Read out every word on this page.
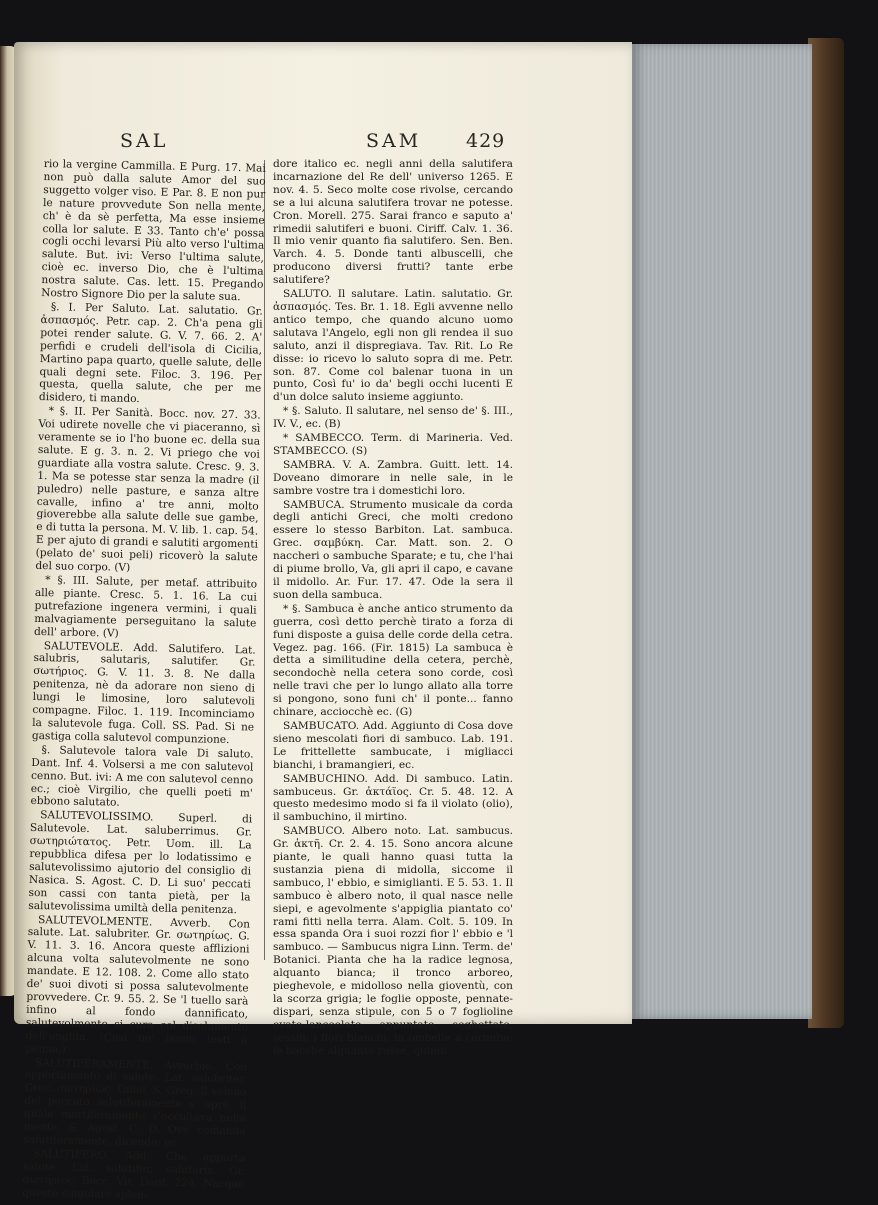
SAL	SAM 429

rio la vergine Cammilla. E Purg. 17. Mai non può dalla salute Amor del suo suggetto volger viso. E Par. 8. E non pur le nature provvedute Son nella mente, ch' è da sè perfetta, Ma esse insieme colla lor salute. E 33. Tanto ch'e' possa cogli occhi levarsi Più alto verso l'ultima salute. But. ivi: Verso l'ultima salute, cioè ec. inverso Dio, che è l'ultima nostra salute. Cas. lett. 15. Pregando Nostro Signore Dio per la salute sua.

§. I. Per Saluto. Lat. salutatio. Gr. ἀσπασμός. Petr. cap. 2. Ch'a pena gli potei render salute. G. V. 7. 66. 2. A' perfidi e crudeli dell'isola di Cicilia, Martino papa quarto, quelle salute, delle quali degni sete. Filoc. 3. 196. Per questa, quella salute, che per me disidero, ti mando.

* §. II. Per Sanità. Bocc. nov. 27. 33. Voi udirete novelle che vi piaceranno, sì veramente se io l'ho buone ec. della sua salute. E g. 3. n. 2. Vi priego che voi guardiate alla vostra salute. Cresc. 9. 3. 1. Ma se potesse star senza la madre (il puledro) nelle pasture, e sanza altre cavalle, infino a' tre anni, molto gioverebbe alla salute delle sue gambe, e di tutta la persona. M. V. lib. 1. cap. 54. E per ajuto di grandi e salutiti argomenti (pelato de' suoi peli) ricoverò la salute del suo corpo. (V)

* §. III. Salute, per metaf. attribuito alle piante. Cresc. 5. 1. 16. La cui putrefazione ingenera vermini, i quali malvagiamente perseguitano la salute dell' arbore. (V)

SALUTEVOLE. Add. Salutifero. Lat. salubris, salutaris, salutifer. Gr. σωτήριος. G. V. 11. 3. 8. Ne dalla penitenza, nè da adorare non sieno di lungi le limosine, loro salutevoli compagne. Filoc. 1. 119. Incominciamo la salutevole fuga. Coll. SS. Pad. Si ne gastiga colla salutevol compunzione.

§. Salutevole talora vale Di saluto. Dant. Inf. 4. Volsersi a me con salutevol cenno. But. ivi: A me con salutevol cenno ec.; cioè Virgilio, che quelli poeti m' ebbono salutato.

SALUTEVOLISSIMO. Superl. di Salutevole. Lat. saluberrimus. Gr. σωτηριώτατος. Petr. Uom. ill. La repubblica difesa per lo lodatissimo e salutevolissimo ajutorio del consiglio di Nasica. S. Agost. C. D. Li suo' peccati son cassi con tanta pietà, per la salutevolissima umiltà della penitenza.

SALUTEVOLMENTE. Avverb. Con salute. Lat. salubriter. Gr. σωτηρίως. G. V. 11. 3. 16. Ancora queste afflizioni alcuna volta salutevolmente ne sono mandate. E 12. 108. 2. Come allo stato de' suoi divoti si possa salutevolmente provvedere. Cr. 9. 55. 2. Se 'l tuello sarà infino al fondo dannificato, salutevolmente si cura col disolamento dell'unghia. (Così ne' buoni testi a penna.)

SALUTIFERAMENTE. Avverbio. Con apportamento di salute. Lat. salubriter. Grec. σωτηρίως. Omel. S. Greg. Il veleno del peccato salutiferamente s' apre, il quale mortiferamente s'occultava nella mente. S. Agost. C. D. Ove comanda salutiferamente, dicendo: ec.

SALUTIFERO. Add. Che apporta salute. Lat. salutifer, salutaris. Gr. σωτήριος. Bocc. Vit. Dant. 224. Nacque questo singulare splen-

dore italico ec. negli anni della salutifera incarnazione del Re dell' universo 1265. E nov. 4. 5. Seco molte cose rivolse, cercando se a lui alcuna salutifera trovar ne potesse. Cron. Morell. 275. Sarai franco e saputo a' rimedii salutiferi e buoni. Ciriff. Calv. 1. 36. Il mio venir quanto fia salutifero. Sen. Ben. Varch. 4. 5. Donde tanti albuscelli, che producono diversi frutti? tante erbe salutifere?

SALUTO. Il salutare. Latin. salutatio. Gr. ἀσπασμός. Tes. Br. 1. 18. Egli avvenne nello antico tempo, che quando alcuno uomo salutava l'Angelo, egli non gli rendea il suo saluto, anzi il dispregiava. Tav. Rit. Lo Re disse: io ricevo lo saluto sopra di me. Petr. son. 87. Come col balenar tuona in un punto, Così fu' io da' begli occhi lucenti E d'un dolce saluto insieme aggiunto.

* §. Saluto. Il salutare, nel senso de' §. III., IV. V., ec. (B)

* SAMBECCO. Term. di Marineria. Ved. STAMBECCO. (S)

SAMBRA. V. A. Zambra. Guitt. lett. 14. Doveano dimorare in nelle sale, in le sambre vostre tra i domestichi loro.

SAMBUCA. Strumento musicale da corda degli antichi Greci, che molti credono essere lo stesso Barbiton. Lat. sambuca. Grec. σαμβύκη. Car. Matt. son. 2. O naccheri o sambuche Sparate; e tu, che l'hai di piume brollo, Va, gli apri il capo, e cavane il midollo. Ar. Fur. 17. 47. Ode la sera il suon della sambuca.

* §. Sambuca è anche antico strumento da guerra, così detto perchè tirato a forza di funi disposte a guisa delle corde della cetra. Vegez. pag. 166. (Fir. 1815) La sambuca è detta a similitudine della cetera, perchè, secondochè nella cetera sono corde, così nelle travi che per lo lungo allato alla torre si pongono, sono funi ch' il ponte... fanno chinare, acciocchè ec. (G)

SAMBUCATO. Add. Aggiunto di Cosa dove sieno mescolati fiori di sambuco. Lab. 191. Le frittellette sambucate, i migliacci bianchi, i bramangieri, ec.

SAMBUCHINO. Add. Di sambuco. Latin. sambuceus. Gr. ἀκτάϊος. Cr. 5. 48. 12. A questo medesimo modo si fa il violato (olio), il sambuchino, il mirtino.

SAMBUCO. Albero noto. Lat. sambucus. Gr. ἀκτῆ. Cr. 2. 4. 15. Sono ancora alcune piante, le quali hanno quasi tutta la sustanzia piena di midolla, siccome il sambuco, l' ebbio, e simiglianti. E 5. 53. 1. Il sambuco è albero noto, il qual nasce nelle siepi, e agevolmente s'appiglia piantato co' rami fitti nella terra. Alam. Colt. 5. 109. In essa spanda Ora i suoi rozzi fior l' ebbio e 'l sambuco. — Sambucus nigra Linn. Term. de' Botanici. Pianta che ha la radice legnosa, alquanto bianca; il tronco arboreo, pieghevole, e midolloso nella gioventù, con la scorza grigia; le foglie opposte, pennate-dispari, senza stipule, con 5 o 7 foglioline ovato-lanceolate, appuntate, seghettate, sessili; i fiori bianchi, in ombelle a corimbo; le bacche alquanto rosse, quindi
